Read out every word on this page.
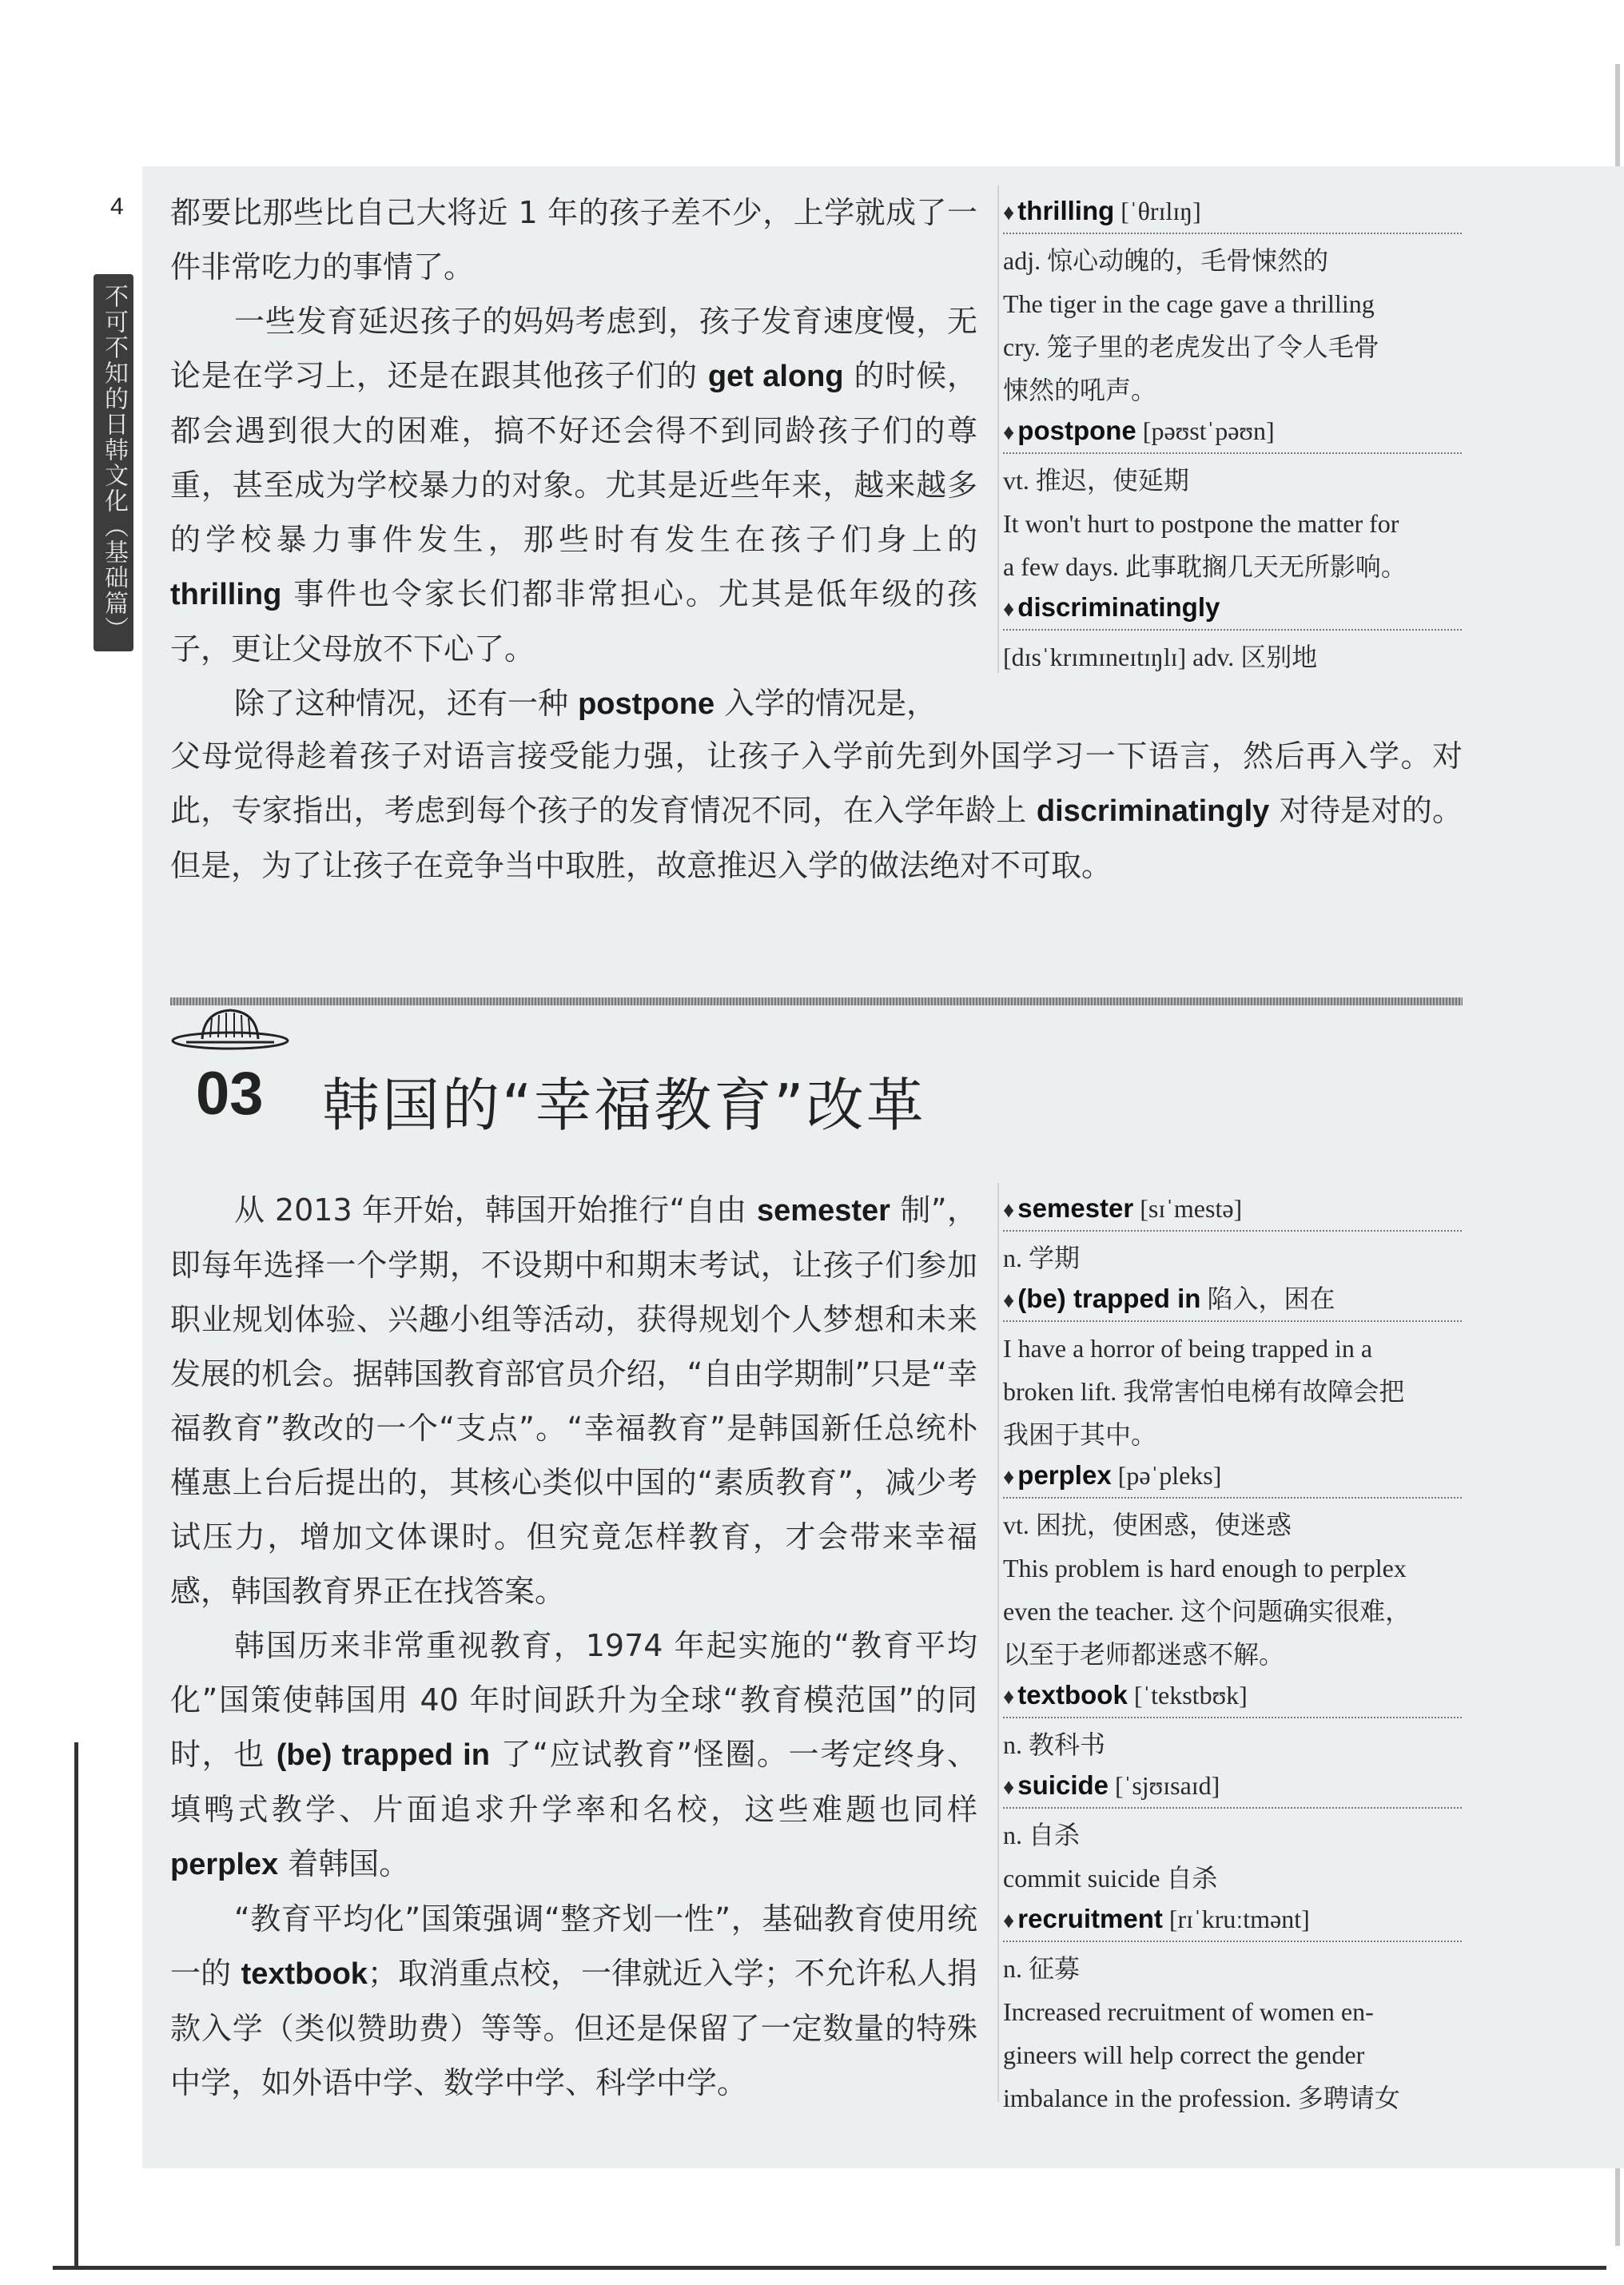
4
不可不知的日韩文化（基础篇）

都要比那些比自己大将近 1 年的孩子差不少，上学就成了一件非常吃力的事情了。

一些发育延迟孩子的妈妈考虑到，孩子发育速度慢，无论是在学习上，还是在跟其他孩子们的 get along 的时候，都会遇到很大的困难，搞不好还会得不到同龄孩子们的尊重，甚至成为学校暴力的对象。尤其是近些年来，越来越多的学校暴力事件发生，那些时有发生在孩子们身上的 thrilling 事件也令家长们都非常担心。尤其是低年级的孩子，更让父母放不下心了。

除了这种情况，还有一种 postpone 入学的情况是，

父母觉得趁着孩子对语言接受能力强，让孩子入学前先到外国学习一下语言，然后再入学。对此，专家指出，考虑到每个孩子的发育情况不同，在入学年龄上 discriminatingly 对待是对的。但是，为了让孩子在竞争当中取胜，故意推迟入学的做法绝对不可取。

♦ thrilling [ˈθrɪlɪŋ]
adj. 惊心动魄的，毛骨悚然的
The tiger in the cage gave a thrilling
cry. 笼子里的老虎发出了令人毛骨
悚然的吼声。
♦ postpone [pəʊstˈpəʊn]
vt. 推迟，使延期
It won't hurt to postpone the matter for
a few days. 此事耽搁几天无所影响。
♦ discriminatingly
[dɪsˈkrɪmɪneɪtɪŋlɪ] adv. 区别地
03 韩国的“幸福教育”改革

从 2013 年开始，韩国开始推行“自由 semester 制”，即每年选择一个学期，不设期中和期末考试，让孩子们参加职业规划体验、兴趣小组等活动，获得规划个人梦想和未来发展的机会。据韩国教育部官员介绍，“自由学期制”只是“幸福教育”教改的一个“支点”。“幸福教育”是韩国新任总统朴槿惠上台后提出的，其核心类似中国的“素质教育”，减少考试压力，增加文体课时。但究竟怎样教育，才会带来幸福感，韩国教育界正在找答案。

韩国历来非常重视教育，1974 年起实施的“教育平均化”国策使韩国用 40 年时间跃升为全球“教育模范国”的同时，也 (be) trapped in 了“应试教育”怪圈。一考定终身、填鸭式教学、片面追求升学率和名校，这些难题也同样 perplex 着韩国。

“教育平均化”国策强调“整齐划一性”，基础教育使用统一的 textbook；取消重点校，一律就近入学；不允许私人捐款入学（类似赞助费）等等。但还是保留了一定数量的特殊中学，如外语中学、数学中学、科学中学。

♦ semester [sɪˈmestə]
n. 学期
♦ (be) trapped in 陷入，困在
I have a horror of being trapped in a
broken lift. 我常害怕电梯有故障会把
我困于其中。
♦ perplex [pəˈpleks]
vt. 困扰，使困惑，使迷惑
This problem is hard enough to perplex
even the teacher. 这个问题确实很难，
以至于老师都迷惑不解。
♦ textbook [ˈtekstbʊk]
n. 教科书
♦ suicide [ˈsjʊɪsaɪd]
n. 自杀
commit suicide 自杀
♦ recruitment [rɪˈkruːtmənt]
n. 征募
Increased recruitment of women en-
gineers will help correct the gender
imbalance in the profession. 多聘请女
